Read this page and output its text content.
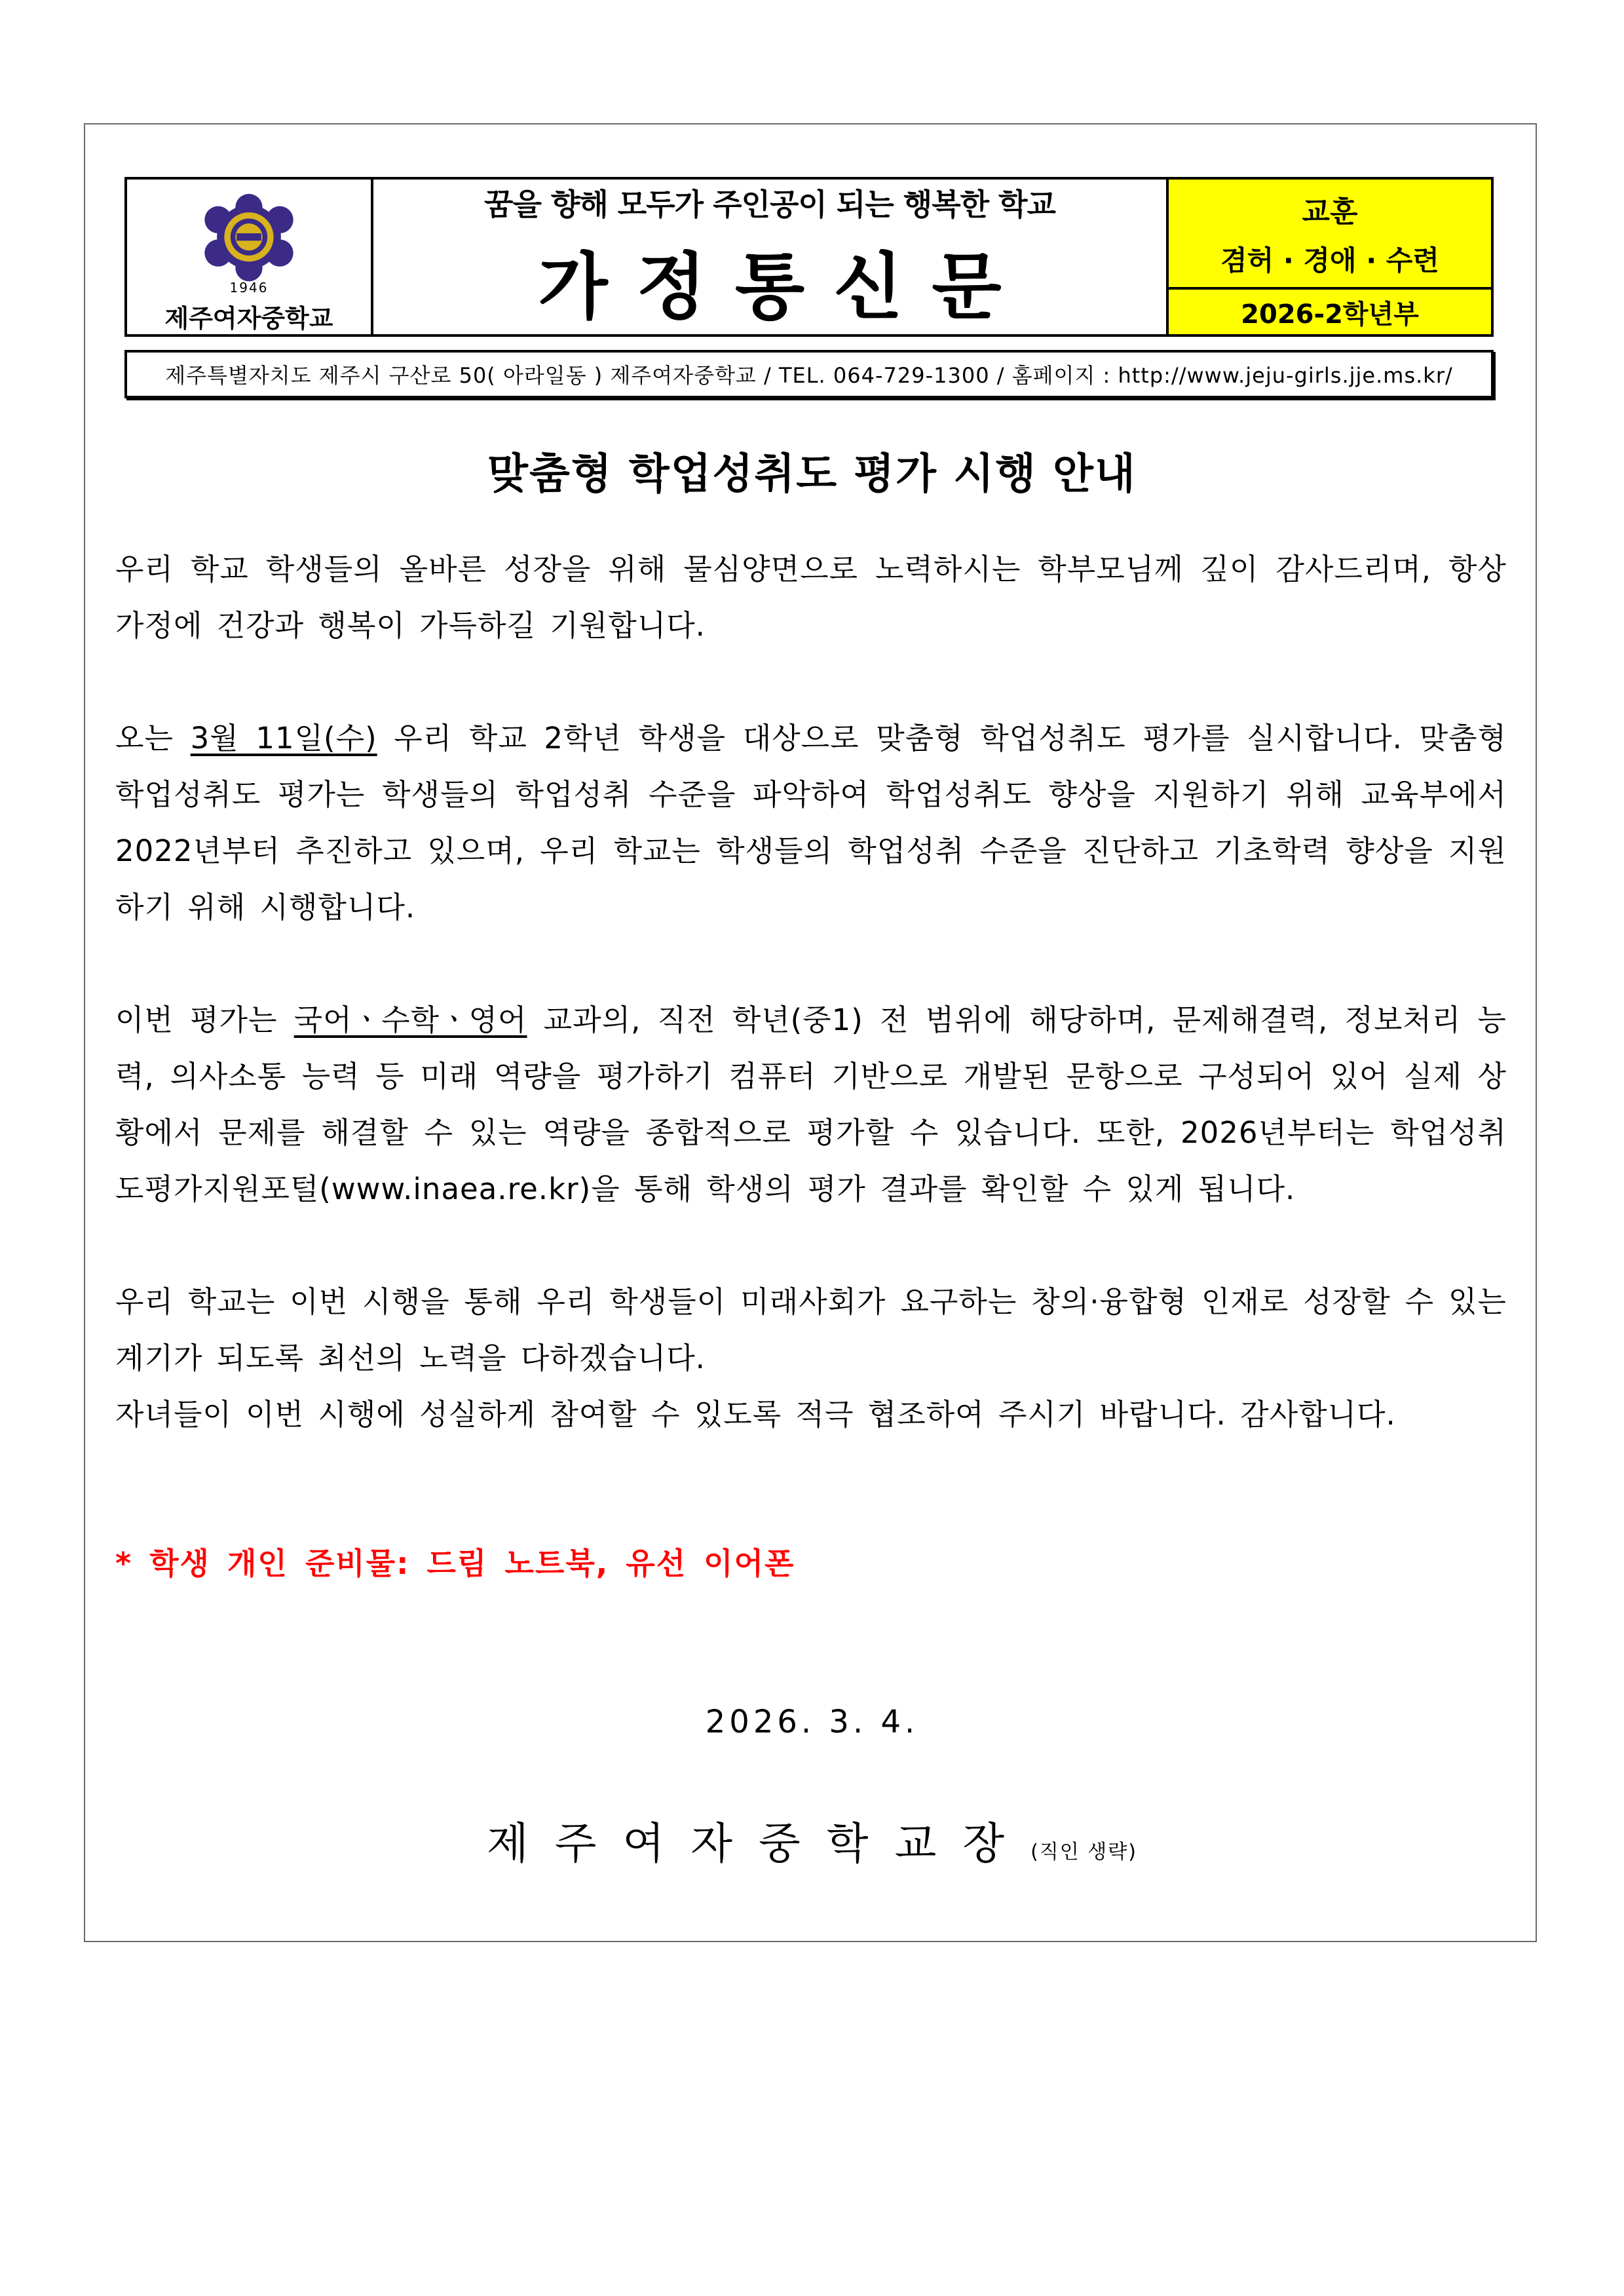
1946
제주여자중학교
꿈을 향해 모두가 주인공이 되는 행복한 학교
가정통신문
교훈
겸허 · 경애 · 수련
2026-2학년부
제주특별자치도 제주시 구산로 50( 아라일동 ) 제주여자중학교 / TEL. 064-729-1300 / 홈페이지 : http://www.jeju-girls.jje.ms.kr/
맞춤형 학업성취도 평가 시행 안내

우리 학교 학생들의 올바른 성장을 위해 물심양면으로 노력하시는 학부모님께 깊이 감사드리며, 항상 가정에 건강과 행복이 가득하길 기원합니다.

오는 3월 11일(수) 우리 학교 2학년 학생을 대상으로 맞춤형 학업성취도 평가를 실시합니다. 맞춤형 학업성취도 평가는 학생들의 학업성취 수준을 파악하여 학업성취도 향상을 지원하기 위해 교육부에서 2022년부터 추진하고 있으며, 우리 학교는 학생들의 학업성취 수준을 진단하고 기초학력 향상을 지원하기 위해 시행합니다.

이번 평가는 국어ㆍ수학ㆍ영어 교과의, 직전 학년(중1) 전 범위에 해당하며, 문제해결력, 정보처리 능력, 의사소통 능력 등 미래 역량을 평가하기 컴퓨터 기반으로 개발된 문항으로 구성되어 있어 실제 상황에서 문제를 해결할 수 있는 역량을 종합적으로 평가할 수 있습니다. 또한, 2026년부터는 학업성취도평가지원포털(www.inaea.re.kr)을 통해 학생의 평가 결과를 확인할 수 있게 됩니다.

우리 학교는 이번 시행을 통해 우리 학생들이 미래사회가 요구하는 창의·융합형 인재로 성장할 수 있는 계기가 되도록 최선의 노력을 다하겠습니다.

자녀들이 이번 시행에 성실하게 참여할 수 있도록 적극 협조하여 주시기 바랍니다. 감사합니다.

* 학생 개인 준비물: 드림 노트북, 유선 이어폰
2026. 3. 4.
제주여자중학교장(직인 생략)
